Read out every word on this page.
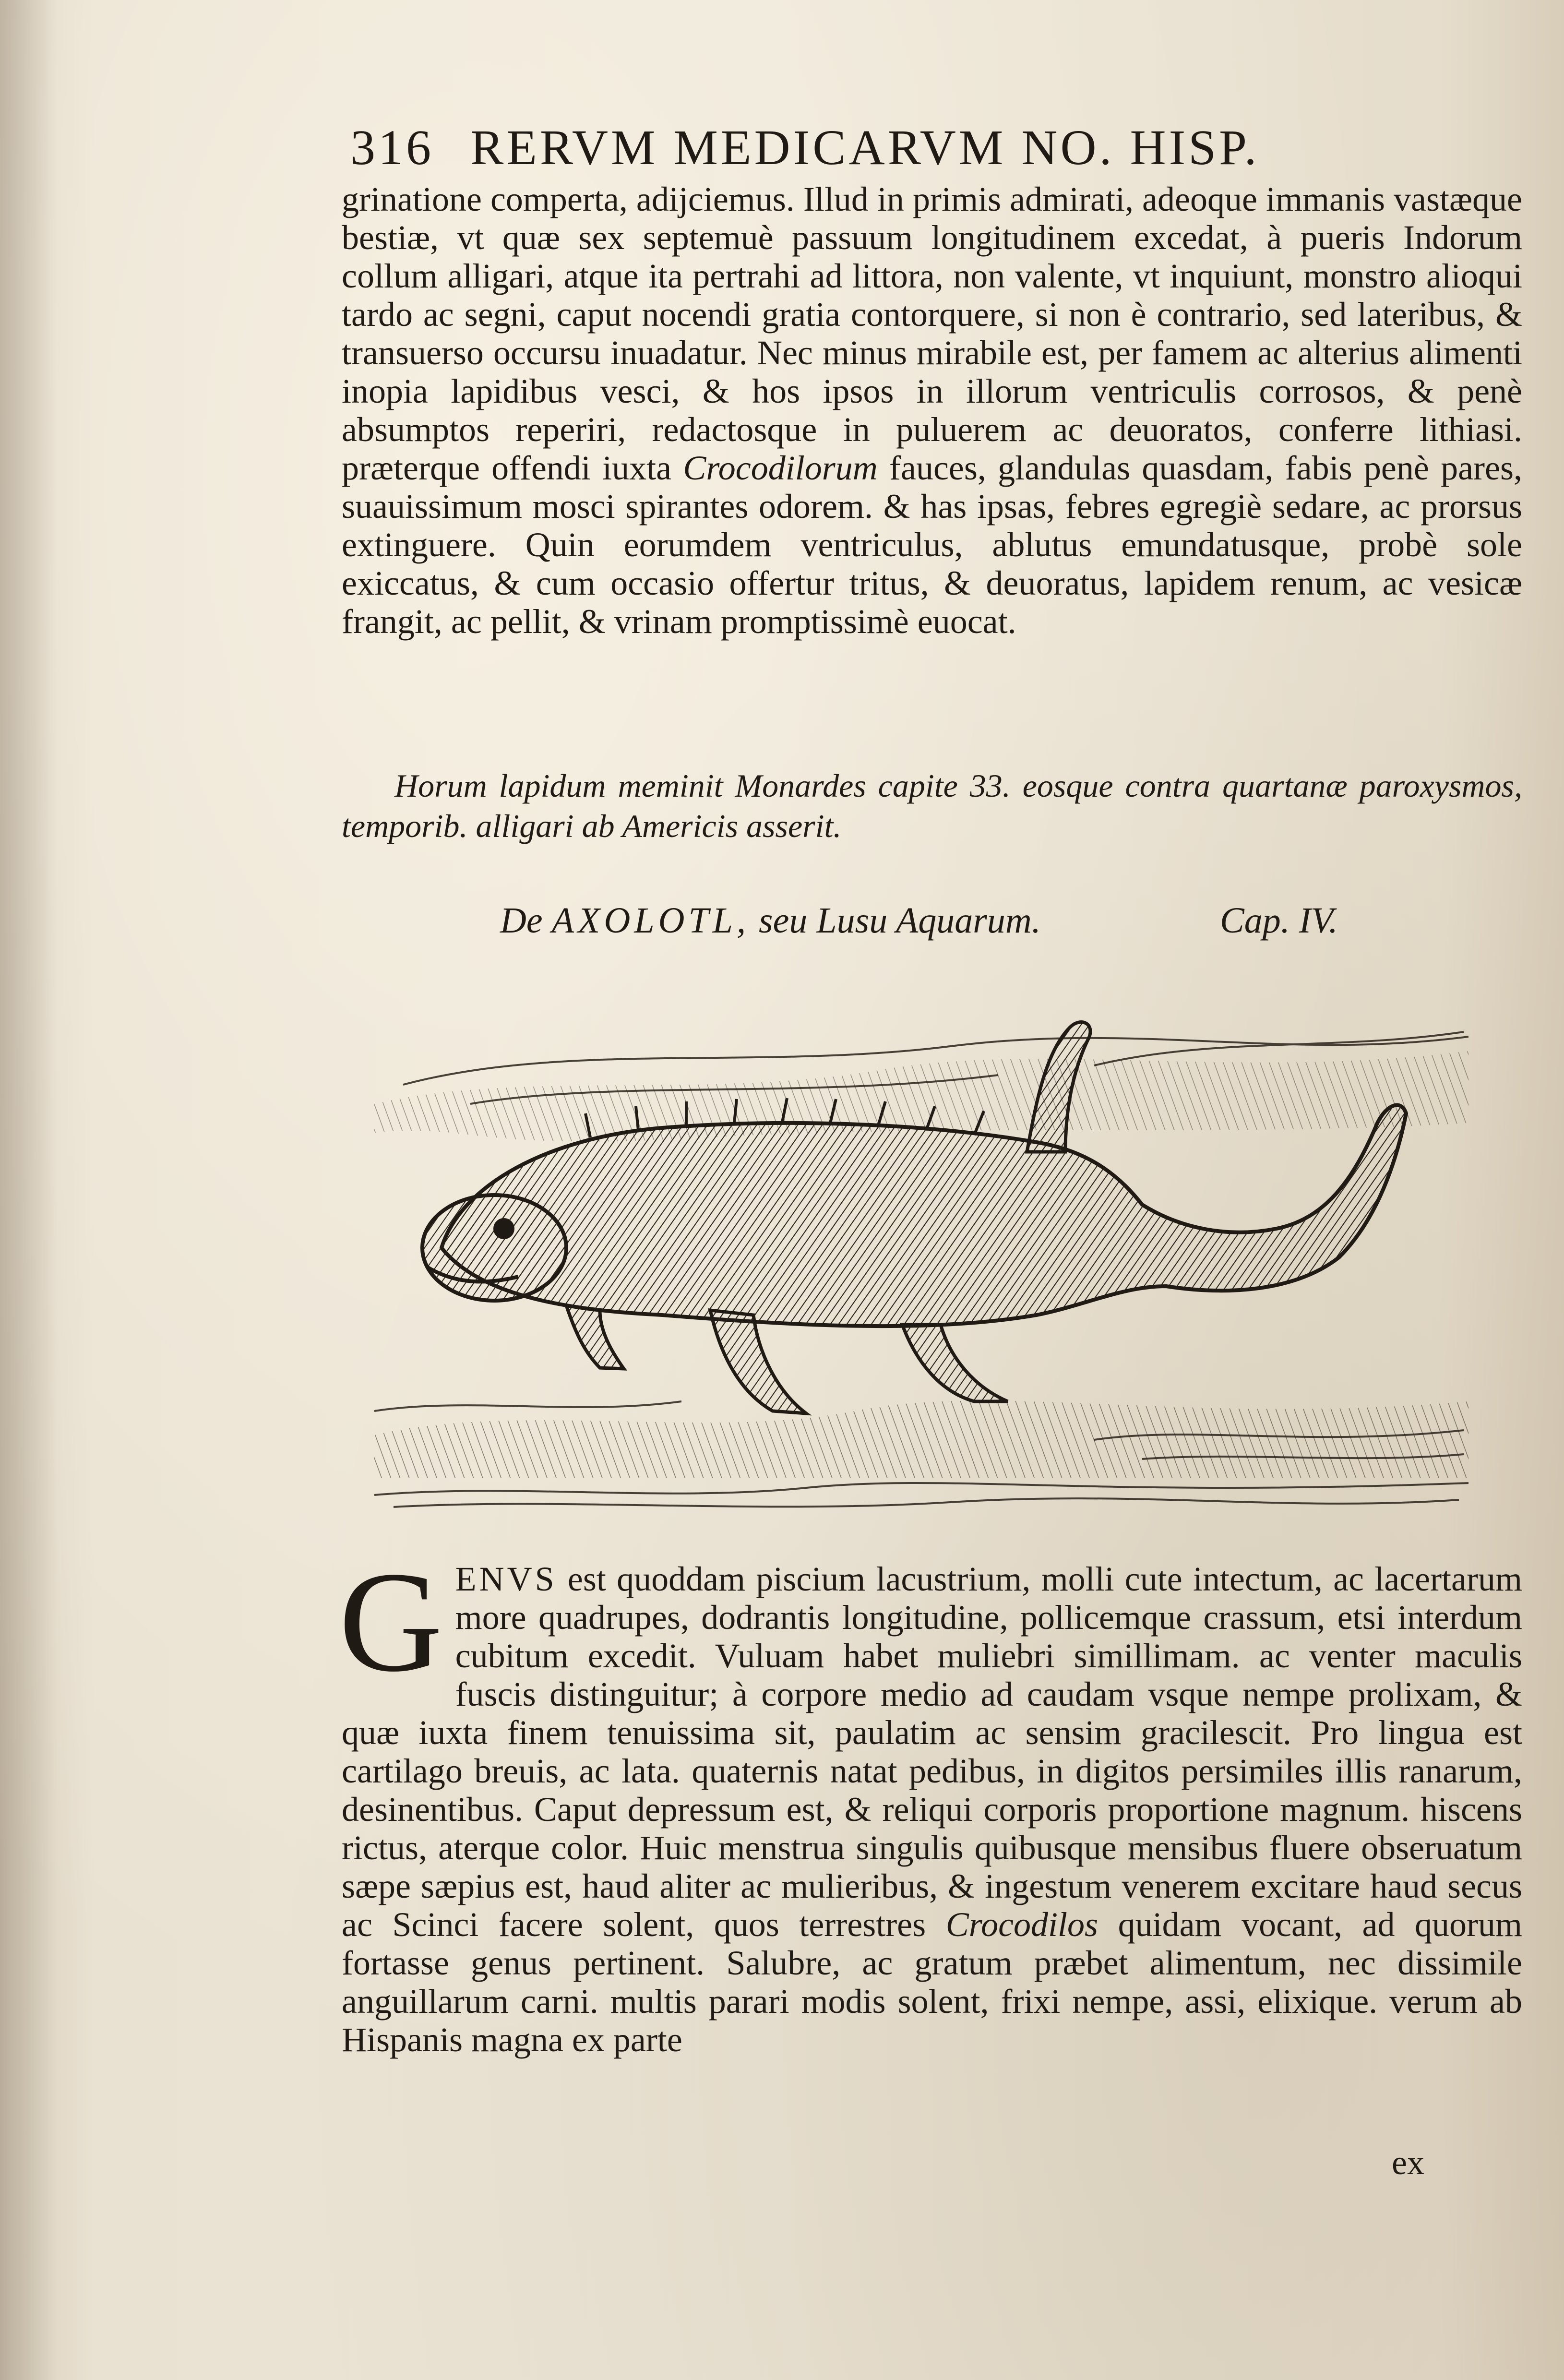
316 RERVM MEDICARVM NO. HISP.

grinatione comperta, adijciemus. Illud in primis admirati, adeoque immanis vastæque bestiæ, vt quæ sex septemuè passuum longitudinem excedat, à pueris Indorum collum alligari, atque ita pertrahi ad littora, non valente, vt inquiunt, monstro alioqui tardo ac segni, caput nocendi gratia contorquere, si non è contrario, sed lateribus, & transuerso occursu inuadatur. Nec minus mirabile est, per famem ac alterius alimenti inopia lapidibus vesci, & hos ipsos in illorum ventriculis corrosos, & penè absumptos reperiri, redactosque in puluerem ac deuoratos, conferre lithiasi. præterque offendi iuxta Crocodilorum fauces, glandulas quasdam, fabis penè pares, suauissimum mosci spirantes odorem. & has ipsas, febres egregiè sedare, ac prorsus extinguere. Quin eorumdem ventriculus, ablutus emundatusque, probè sole exiccatus, & cum occasio offertur tritus, & deuoratus, lapidem renum, ac vesicæ frangit, ac pellit, & vrinam promptissimè euocat.

Horum lapidum meminit Monardes capite 33. eosque contra quartanæ paroxysmos, temporib. alligari ab Americis asserit.
De AXOLOTL, seu Lusu Aquarum.	Cap. IV.

GENVS est quoddam piscium lacustrium, molli cute intectum, ac lacertarum more quadrupes, dodrantis longitudine, pollicemque crassum, etsi interdum cubitum excedit. Vuluam habet muliebri simillimam. ac venter maculis fuscis distinguitur; à corpore medio ad caudam vsque nempe prolixam, & quæ iuxta finem tenuissima sit, paulatim ac sensim gracilescit. Pro lingua est cartilago breuis, ac lata. quaternis natat pedibus, in digitos persimiles illis ranarum, desinentibus. Caput depressum est, & reliqui corporis proportione magnum. hiscens rictus, aterque color. Huic menstrua singulis quibusque mensibus fluere obseruatum sæpe sæpius est, haud aliter ac mulieribus, & ingestum venerem excitare haud secus ac Scinci facere solent, quos terrestres Crocodilos quidam vocant, ad quorum fortasse genus pertinent. Salubre, ac gratum præbet alimentum, nec dissimile anguillarum carni. multis parari modis solent, frixi nempe, assi, elixique. verum ab Hispanis magna ex parte

ex
